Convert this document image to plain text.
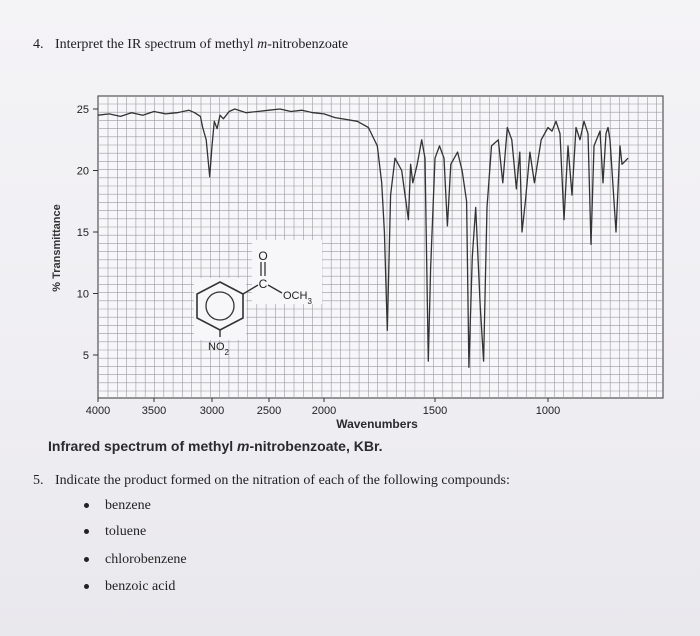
4. Interpret the IR spectrum of methyl m-nitrobenzoate
4000	3500	3000	2500	2000	1500	1000
5
10
15
20
25
% Transmittance
Wavenumbers
O
C
$OCH_3$
$NO_2$
Infrared spectrum of methyl m-nitrobenzoate, KBr.
5. Indicate the product formed on the nitration of each of the following compounds:
benzene
toluene
chlorobenzene
benzoic acid
